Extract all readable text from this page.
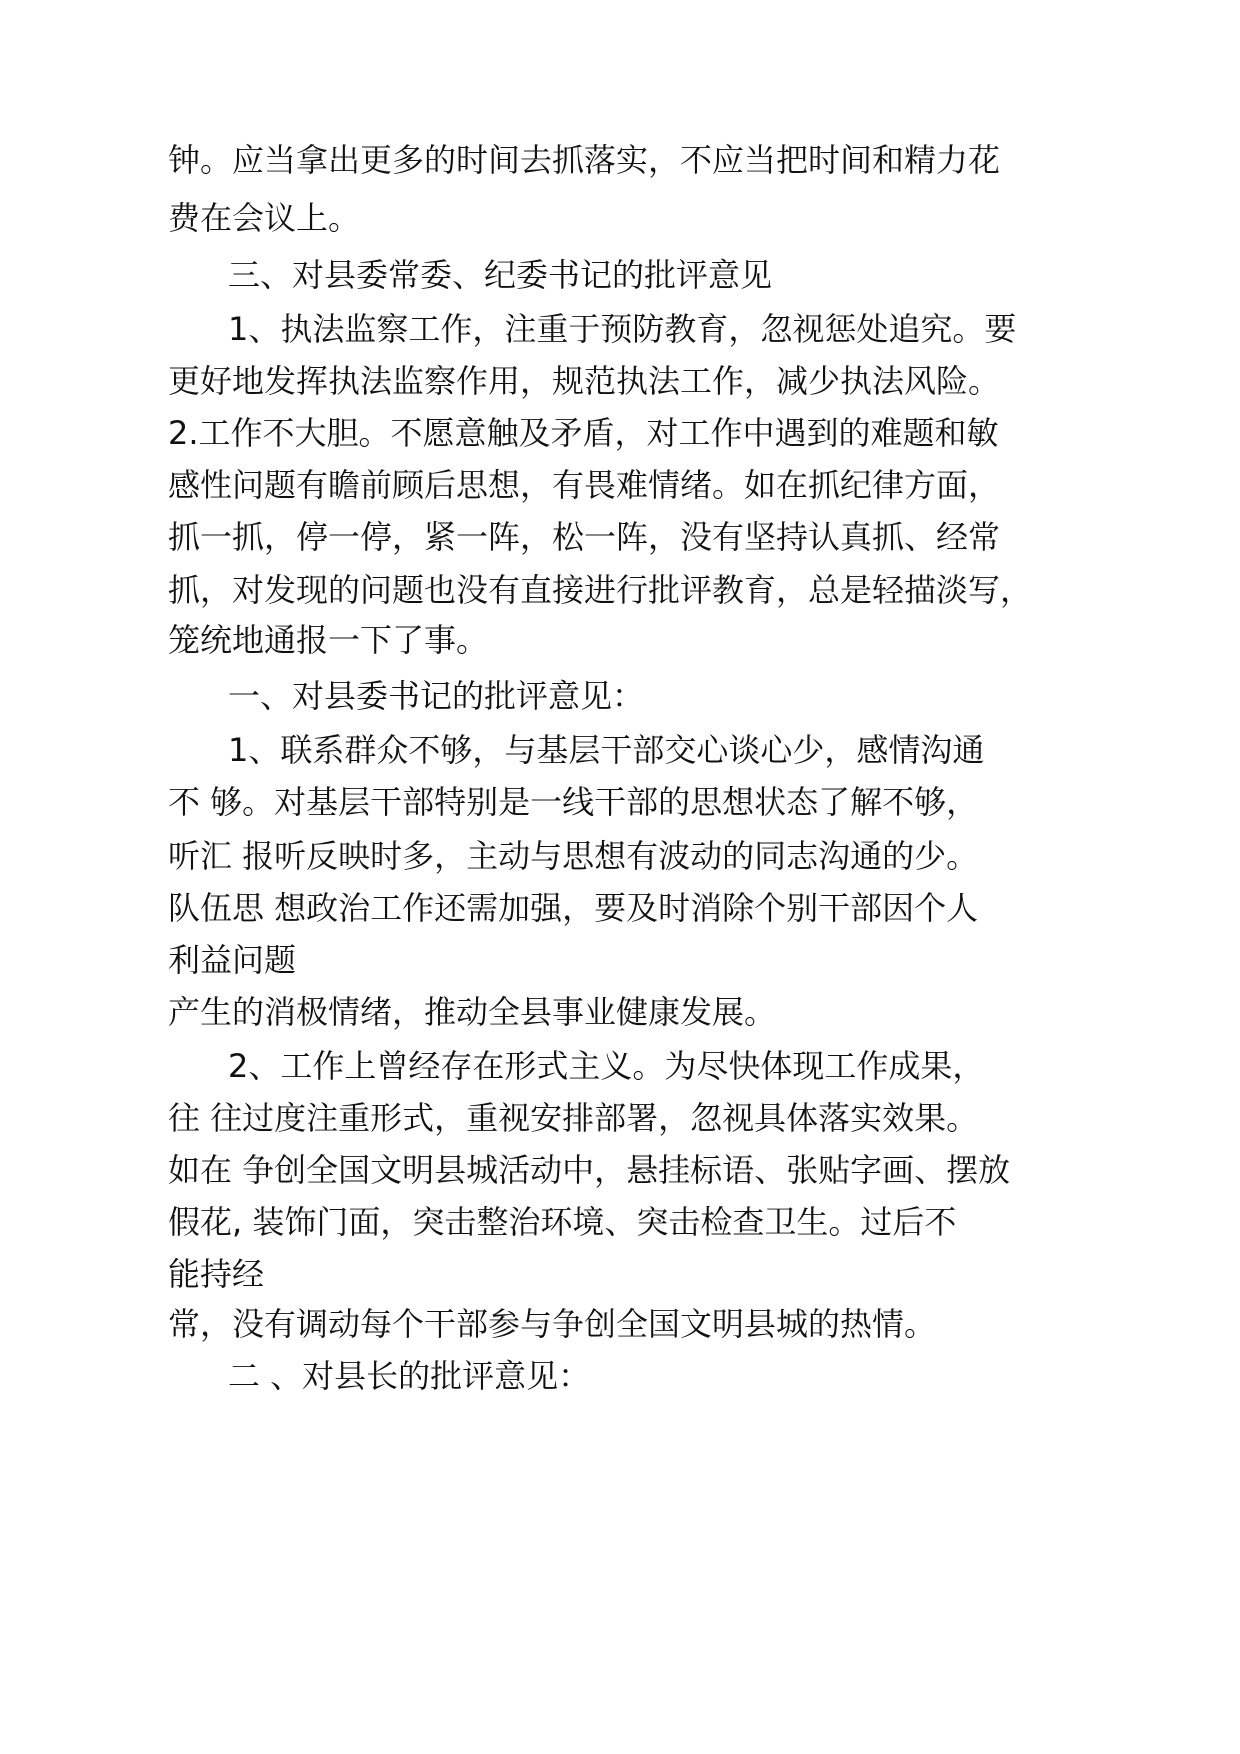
钟。应当拿出更多的时间去抓落实，不应当把时间和精力花

费在会议上。

三、对县委常委、纪委书记的批评意见

1、执法监察工作，注重于预防教育，忽视惩处追究。要

更好地发挥执法监察作用，规范执法工作，减少执法风险。

2.工作不大胆。不愿意触及矛盾，对工作中遇到的难题和敏

感性问题有瞻前顾后思想，有畏难情绪。如在抓纪律方面，

抓一抓，停一停，紧一阵，松一阵，没有坚持认真抓、经常

抓，对发现的问题也没有直接进行批评教育，总是轻描淡写，

笼统地通报一下了事。

一、对县委书记的批评意见：

1、联系群众不够，与基层干部交心谈心少，感情沟通

不 够。对基层干部特别是一线干部的思想状态了解不够，

听汇 报听反映时多，主动与思想有波动的同志沟通的少。

队伍思 想政治工作还需加强，要及时消除个别干部因个人

利益问题

产生的消极情绪，推动全县事业健康发展。

2、工作上曾经存在形式主义。为尽快体现工作成果，

往 往过度注重形式，重视安排部署，忽视具体落实效果。

如在 争创全国文明县城活动中，悬挂标语、张贴字画、摆放

假花, 装饰门面，突击整治环境、突击检查卫生。过后不

能持经

常，没有调动每个干部参与争创全国文明县城的热情。

二 、对县长的批评意见：
